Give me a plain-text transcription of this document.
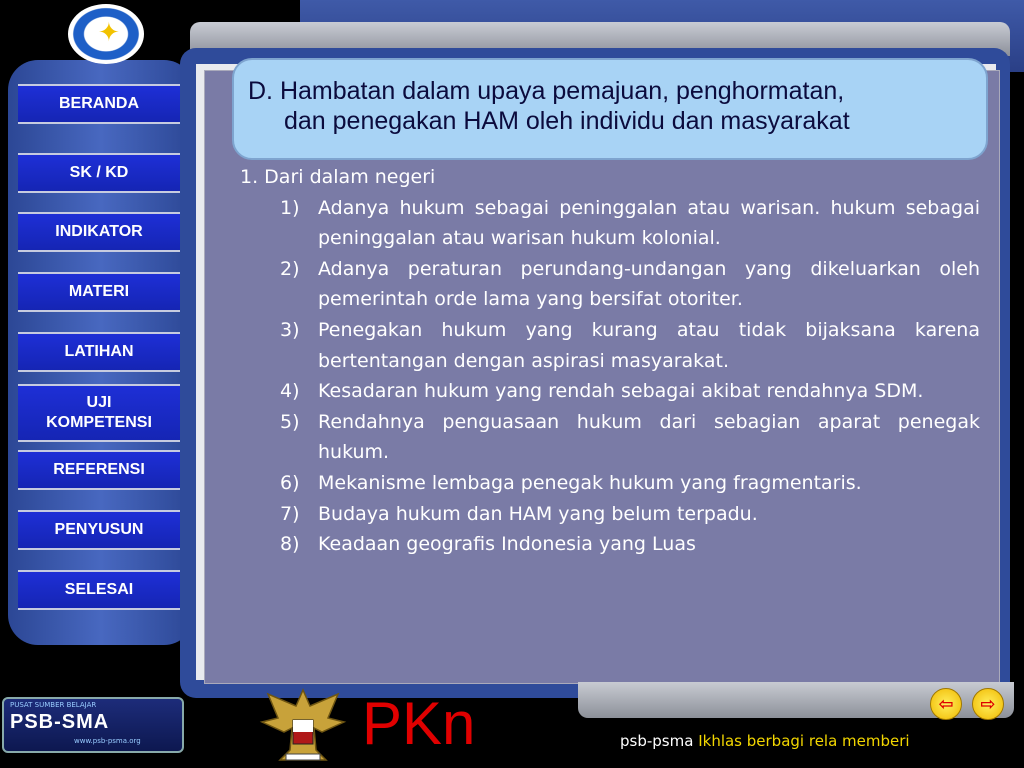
✦
BERANDA
SK / KD
INDIKATOR
MATERI
LATIHAN
UJI
KOMPETENSI
REFERENSI
PENYUSUN
SELESAI
D. Hambatan dalam upaya pemajuan, penghormatan,
dan penegakan HAM oleh individu dan masyarakat
1. Dari dalam negeri
1) Adanya hukum sebagai peninggalan atau warisan. hukum sebagai peninggalan atau warisan hukum kolonial.
2) Adanya peraturan perundang-undangan yang dikeluarkan oleh pemerintah orde lama yang bersifat otoriter.
3) Penegakan hukum yang kurang atau tidak bijaksana karena bertentangan dengan aspirasi masyarakat.
4) Kesadaran hukum yang rendah sebagai akibat rendahnya SDM.
5) Rendahnya penguasaan hukum dari sebagian aparat penegak hukum.
6) Mekanisme lembaga penegak hukum yang fragmentaris.
7) Budaya hukum dan HAM yang belum terpadu.
8) Keadaan geografis Indonesia yang Luas
PUSAT SUMBER BELAJAR
PSB-SMA
www.psb-psma.org	PKn	⇦ ⇨
psb-psma Ikhlas berbagi rela memberi
